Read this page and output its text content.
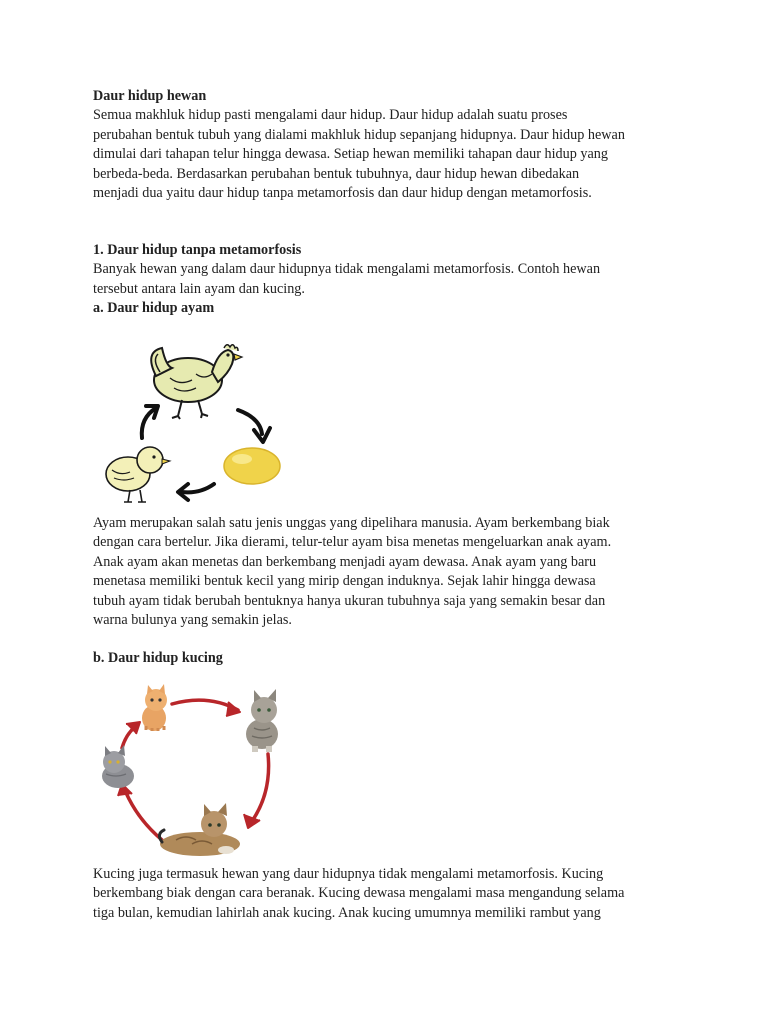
Daur hidup hewan
Semua makhluk hidup pasti mengalami daur hidup. Daur hidup adalah suatu proses
perubahan bentuk tubuh yang dialami makhluk hidup sepanjang hidupnya. Daur hidup hewan
dimulai dari tahapan telur hingga dewasa. Setiap hewan memiliki tahapan daur hidup yang
berbeda-beda. Berdasarkan perubahan bentuk tubuhnya, daur hidup hewan dibedakan
menjadi dua yaitu daur hidup tanpa metamorfosis dan daur hidup dengan metamorfosis.

1. Daur hidup tanpa metamorfosis
Banyak hewan yang dalam daur hidupnya tidak mengalami metamorfosis. Contoh hewan
tersebut antara lain ayam dan kucing.
a. Daur hidup ayam

Ayam merupakan salah satu jenis unggas yang dipelihara manusia. Ayam berkembang biak
dengan cara bertelur. Jika dierami, telur-telur ayam bisa menetas mengeluarkan anak ayam.
Anak ayam akan menetas dan berkembang menjadi ayam dewasa. Anak ayam yang baru
menetasa memiliki bentuk kecil yang mirip dengan induknya. Sejak lahir hingga dewasa
tubuh ayam tidak berubah bentuknya hanya ukuran tubuhnya saja yang semakin besar dan
warna bulunya yang semakin jelas.

b. Daur hidup kucing

Kucing juga termasuk hewan yang daur hidupnya tidak mengalami metamorfosis. Kucing
berkembang biak dengan cara beranak. Kucing dewasa mengalami masa mengandung selama
tiga bulan, kemudian lahirlah anak kucing. Anak kucing umumnya memiliki rambut yang
